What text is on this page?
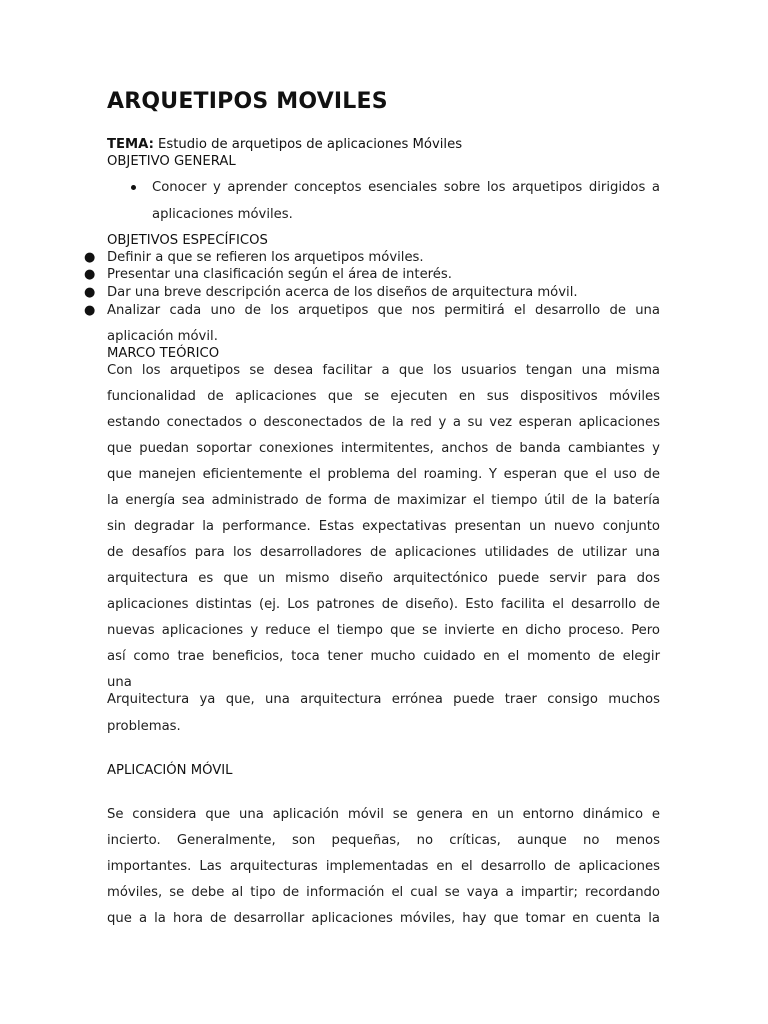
ARQUETIPOS MOVILES
TEMA: Estudio de arquetipos de aplicaciones Móviles
OBJETIVO GENERAL
Conocer y aprender conceptos esenciales sobre los arquetipos dirigidos a
aplicaciones móviles.
OBJETIVOS ESPECÍFICOS
● Definir a que se refieren los arquetipos móviles.
● Presentar una clasificación según el área de interés.
● Dar una breve descripción acerca de los diseños de arquitectura móvil.
● Analizar cada uno de los arquetipos que nos permitirá el desarrollo de una
aplicación móvil.
MARCO TEÓRICO
Con los arquetipos se desea facilitar a que los usuarios tengan una misma
funcionalidad de aplicaciones que se ejecuten en sus dispositivos móviles
estando conectados o desconectados de la red y a su vez esperan aplicaciones
que puedan soportar conexiones intermitentes, anchos de banda cambiantes y
que manejen eficientemente el problema del roaming. Y esperan que el uso de
la energía sea administrado de forma de maximizar el tiempo útil de la batería
sin degradar la performance. Estas expectativas presentan un nuevo conjunto
de desafíos para los desarrolladores de aplicaciones utilidades de utilizar una
arquitectura es que un mismo diseño arquitectónico puede servir para dos
aplicaciones distintas (ej. Los patrones de diseño). Esto facilita el desarrollo de
nuevas aplicaciones y reduce el tiempo que se invierte en dicho proceso. Pero
así como trae beneficios, toca tener mucho cuidado en el momento de elegir
una
Arquitectura ya que, una arquitectura errónea puede traer consigo muchos
problemas.
APLICACIÓN MÓVIL
Se considera que una aplicación móvil se genera en un entorno dinámico e
incierto. Generalmente, son pequeñas, no críticas, aunque no menos
importantes. Las arquitecturas implementadas en el desarrollo de aplicaciones
móviles, se debe al tipo de información el cual se vaya a impartir; recordando
que a la hora de desarrollar aplicaciones móviles, hay que tomar en cuenta la
